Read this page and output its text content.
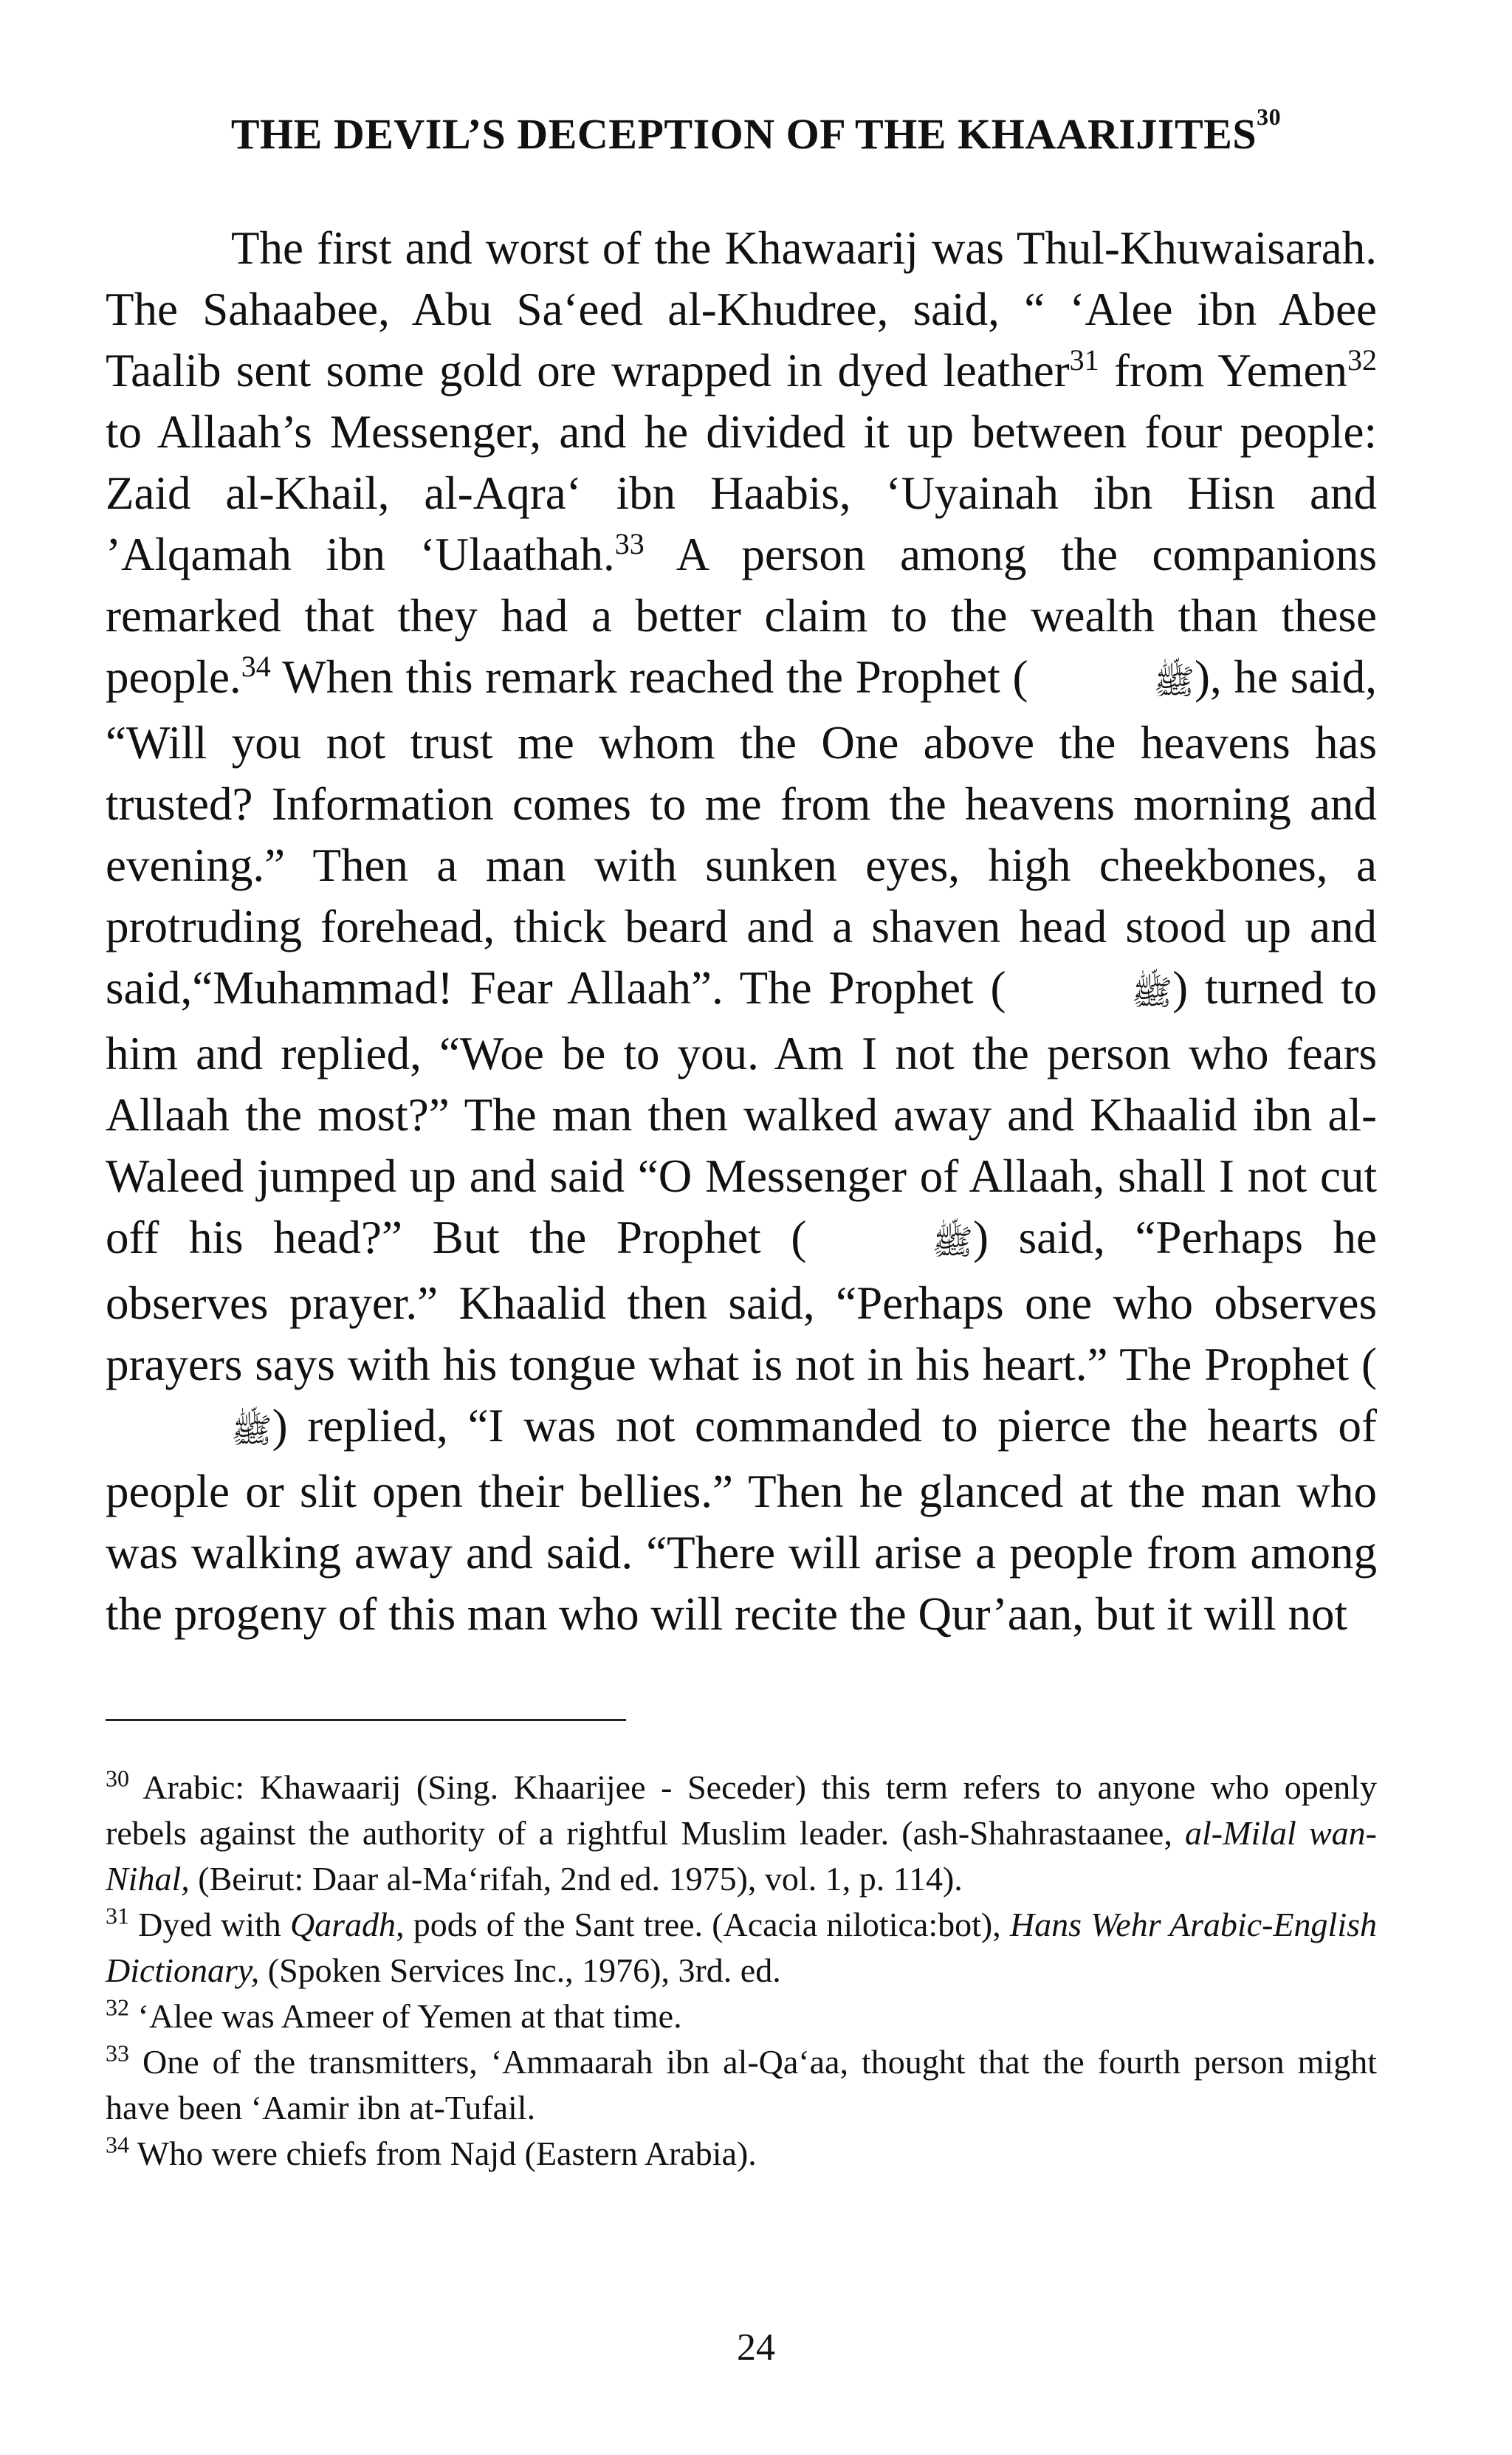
THE DEVIL’S DECEPTION OF THE KHAARIJITES$^{30}$

The first and worst of the Khawaarij was Thul-Khuwaisarah. The Sahaabee, Abu Sa‘eed al-Khudree, said, “ ‘Alee ibn Abee Taalib sent some gold ore wrapped in dyed leather$^{31}$ from Yemen$^{32}$ to Allaah’s Messenger, and he divided it up between four people: Zaid al-Khail, al-Aqra‘ ibn Haabis, ‘Uyainah ibn Hisn and ’Alqamah ibn ‘Ulaathah.$^{33}$ A person among the companions remarked that they had a better claim to the wealth than these people.$^{34}$ When this remark reached the Prophet (	ﷺ), he said, “Will you not trust me whom the One above the heavens has trusted? Information comes to me from the heavens morning and evening.” Then a man with sunken eyes, high cheekbones, a protruding forehead, thick beard and a shaven head stood up and said,“Muhammad! Fear Allaah”. The Prophet (	ﷺ) turned to him and replied, “Woe be to you. Am I not the person who fears Allaah the most?” The man then walked away and Khaalid ibn al-Waleed jumped up and said “O Messenger of Allaah, shall I not cut off his head?” But the Prophet (	ﷺ) said, “Perhaps he observes prayer.” Khaalid then said, “Perhaps one who observes prayers says with his tongue what is not in his heart.” The Prophet (ﷺ) replied, “I was not commanded to pierce the hearts of people or slit open their bellies.” Then he glanced at the man who was walking away and said. “There will arise a people from among the progeny of this man who will recite the Qur’aan, but it will not

$^{30}$ Arabic: Khawaarij (Sing. Khaarijee - Seceder) this term refers to anyone who openly rebels against the authority of a rightful Muslim leader. (ash-Shahrastaanee, al-Milal wan-Nihal, (Beirut: Daar al-Ma‘rifah, 2nd ed. 1975), vol. 1, p. 114).

$^{31}$ Dyed with Qaradh, pods of the Sant tree. (Acacia nilotica:bot), Hans Wehr Arabic-English Dictionary, (Spoken Services Inc., 1976), 3rd. ed.

$^{32}$ ‘Alee was Ameer of Yemen at that time.

$^{33}$ One of the transmitters, ‘Ammaarah ibn al-Qa‘aa, thought that the fourth person might have been ‘Aamir ibn at-Tufail.

$^{34}$ Who were chiefs from Najd (Eastern Arabia).

24
